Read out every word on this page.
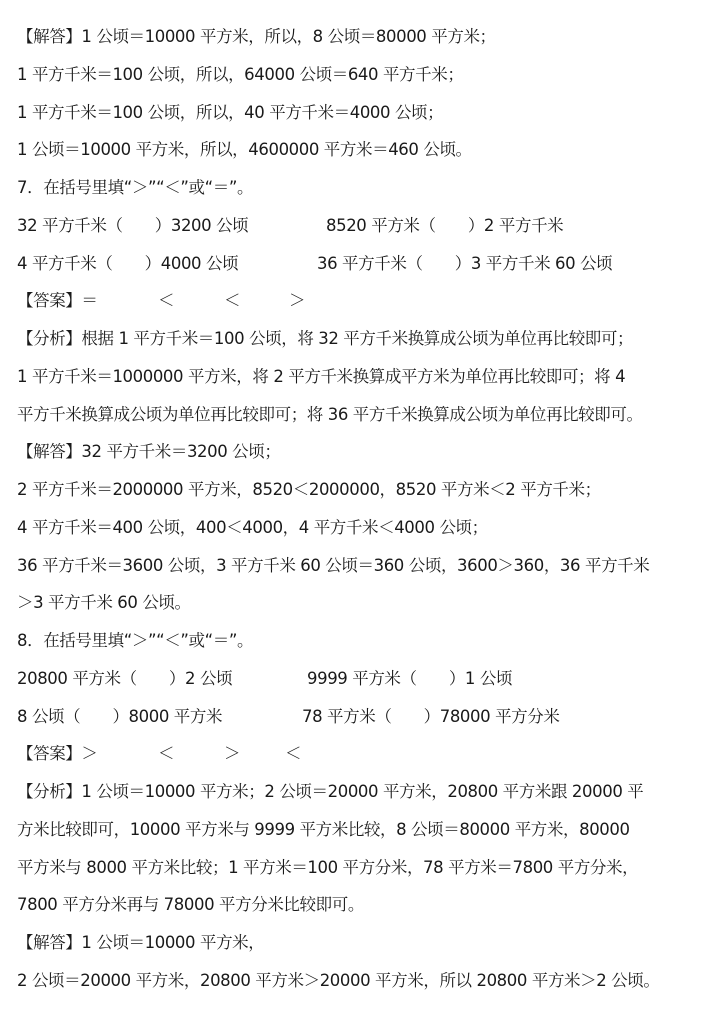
【解答】1 公顷＝10000 平方米，所以，8 公顷＝80000 平方米；
1 平方千米＝100 公顷，所以，64000 公顷＝640 平方千米；
1 平方千米＝100 公顷，所以，40 平方千米＝4000 公顷；
1 公顷＝10000 平方米，所以，4600000 平方米＝460 公顷。
7．在括号里填“＞”“＜”或“＝”。
32 平方千米（　　）3200 公顷	8520 平方米（　　）2 平方千米
4 平方千米（　　）4000 公顷	36 平方千米（　　）3 平方千米 60 公顷
【答案】＝	＜	＜	＞
【分析】根据 1 平方千米＝100 公顷，将 32 平方千米换算成公顷为单位再比较即可；
1 平方千米＝1000000 平方米，将 2 平方千米换算成平方米为单位再比较即可；将 4
平方千米换算成公顷为单位再比较即可；将 36 平方千米换算成公顷为单位再比较即可。
【解答】32 平方千米＝3200 公顷；
2 平方千米＝2000000 平方米，8520＜2000000，8520 平方米＜2 平方千米；
4 平方千米＝400 公顷，400＜4000，4 平方千米＜4000 公顷；
36 平方千米＝3600 公顷，3 平方千米 60 公顷＝360 公顷，3600＞360，36 平方千米
＞3 平方千米 60 公顷。
8．在括号里填“＞”“＜”或“＝”。
20800 平方米（　　）2 公顷	9999 平方米（　　）1 公顷
8 公顷（　　）8000 平方米	78 平方米（　　）78000 平方分米
【答案】＞	＜	＞	＜
【分析】1 公顷＝10000 平方米；2 公顷＝20000 平方米，20800 平方米跟 20000 平
方米比较即可，10000 平方米与 9999 平方米比较，8 公顷＝80000 平方米，80000
平方米与 8000 平方米比较；1 平方米＝100 平方分米，78 平方米＝7800 平方分米，
7800 平方分米再与 78000 平方分米比较即可。
【解答】1 公顷＝10000 平方米，
2 公顷＝20000 平方米，20800 平方米＞20000 平方米，所以 20800 平方米＞2 公顷。
